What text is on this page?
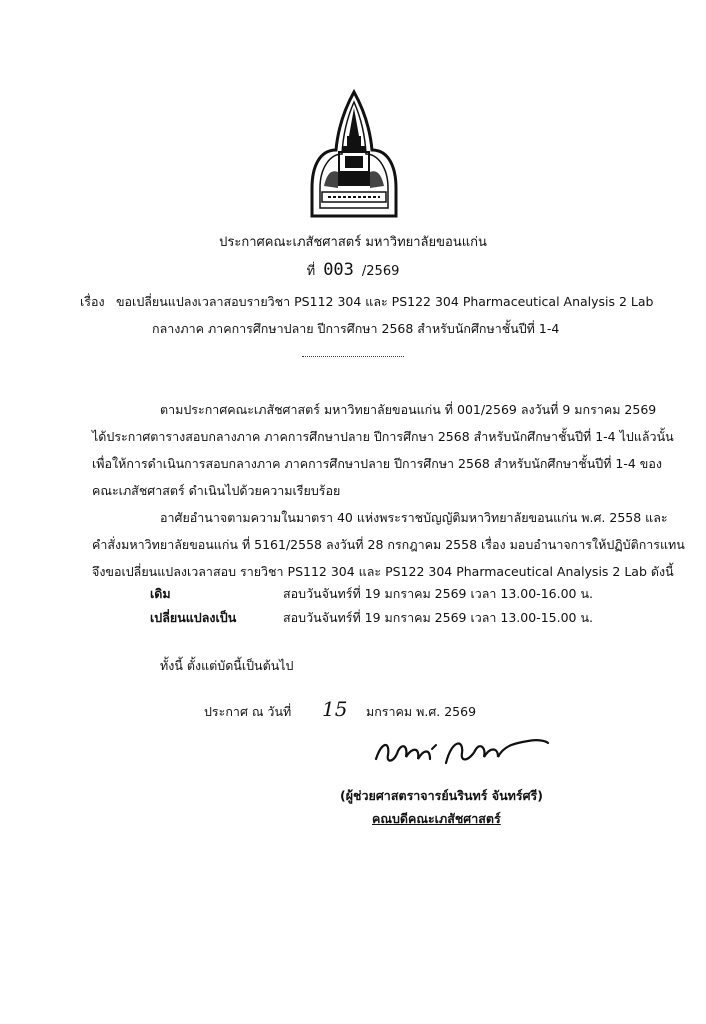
ประกาศคณะเภสัชศาสตร์ มหาวิทยาลัยขอนแก่น
ที่ 003 /2569
เรื่อง ขอเปลี่ยนแปลงเวลาสอบรายวิชา PS112 304 และ PS122 304 Pharmaceutical Analysis 2 Lab
กลางภาค ภาคการศึกษาปลาย ปีการศึกษา 2568 สำหรับนักศึกษาชั้นปีที่ 1-4
ตามประกาศคณะเภสัชศาสตร์ มหาวิทยาลัยขอนแก่น ที่ 001/2569 ลงวันที่ 9 มกราคม 2569
ได้ประกาศตารางสอบกลางภาค ภาคการศึกษาปลาย ปีการศึกษา 2568 สำหรับนักศึกษาชั้นปีที่ 1-4 ไปแล้วนั้น
เพื่อให้การดำเนินการสอบกลางภาค ภาคการศึกษาปลาย ปีการศึกษา 2568 สำหรับนักศึกษาชั้นปีที่ 1-4 ของ
คณะเภสัชศาสตร์ ดำเนินไปด้วยความเรียบร้อย
อาศัยอำนาจตามความในมาตรา 40 แห่งพระราชบัญญัติมหาวิทยาลัยขอนแก่น พ.ศ. 2558 และ
คำสั่งมหาวิทยาลัยขอนแก่น ที่ 5161/2558 ลงวันที่ 28 กรกฎาคม 2558 เรื่อง มอบอำนาจการให้ปฏิบัติการแทน
จึงขอเปลี่ยนแปลงเวลาสอบ รายวิชา PS112 304 และ PS122 304 Pharmaceutical Analysis 2 Lab ดังนี้
เดิม	สอบวันจันทร์ที่ 19 มกราคม 2569 เวลา 13.00-16.00 น.
เปลี่ยนแปลงเป็น	สอบวันจันทร์ที่ 19 มกราคม 2569 เวลา 13.00-15.00 น.
ทั้งนี้ ตั้งแต่บัดนี้เป็นต้นไป
ประกาศ ณ วันที่ 15 มกราคม พ.ศ. 2569
(ผู้ช่วยศาสตราจารย์นรินทร์ จันทร์ศรี)
คณบดีคณะเภสัชศาสตร์
